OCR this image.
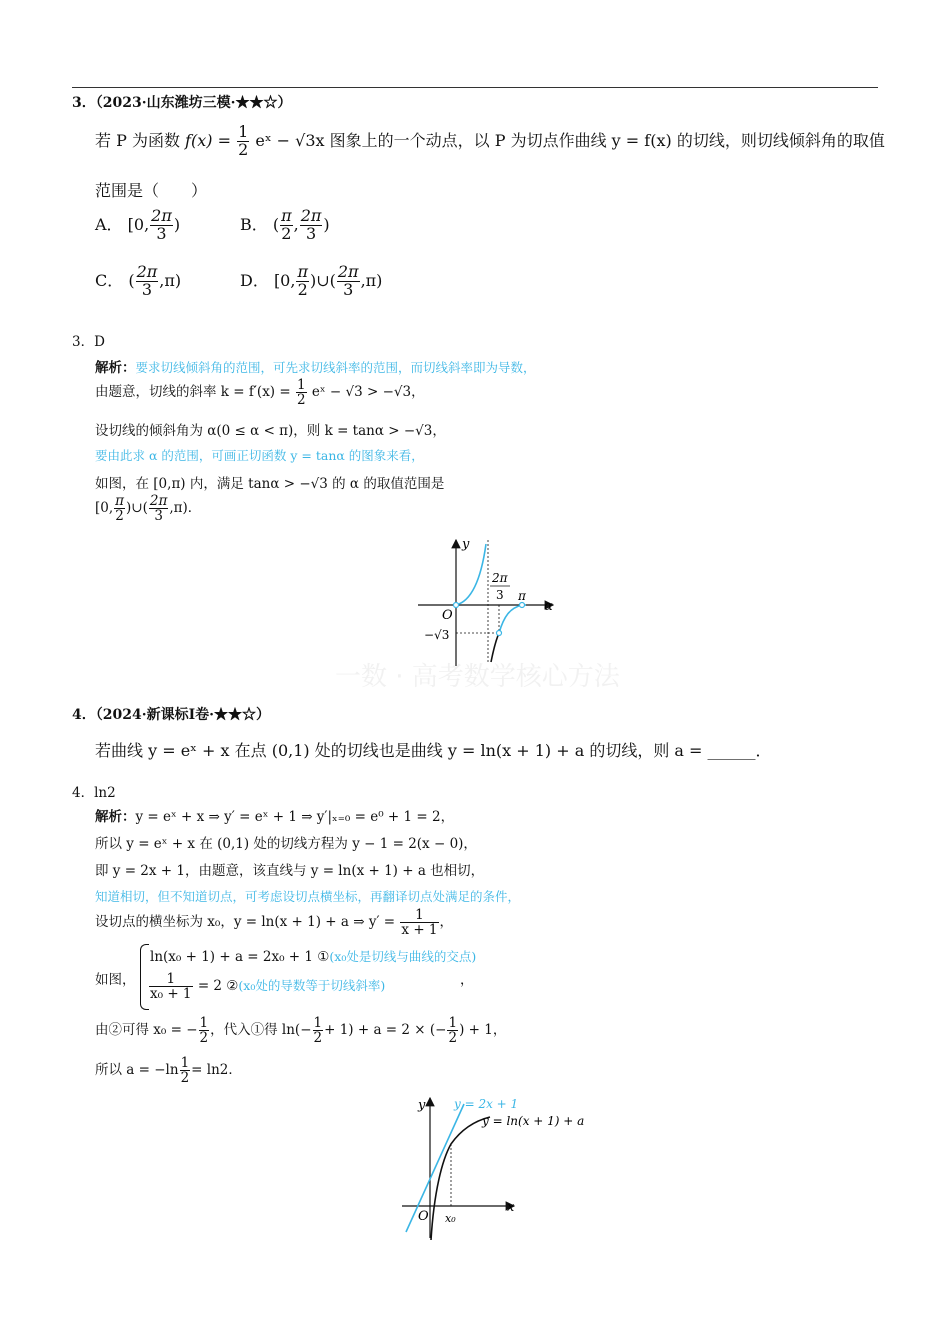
3．（2023·山东潍坊三模·★★☆）
若 P 为函数 $f(x) = \frac{1}{2}$ eˣ − √3x 图象上的一个动点，以 P 为切点作曲线 y = f(x) 的切线，则切线倾斜角的取值
范围是（　　）
A． [0, $\frac{2\pi}{3}$ )	B． ( $\frac{\pi}{2}$ , $\frac{2\pi}{3}$ )
C． ( $\frac{2\pi}{3} ,\pi$)	D． [0, $\frac{\pi}{2}$ )∪( $\frac{2\pi}{3} ,\pi$)
3．D
解析：要求切线倾斜角的范围，可先求切线斜率的范围，而切线斜率即为导数，
由题意，切线的斜率 $k = f'(x) = \frac{1}{2}$ eˣ − √3 > −√3，
设切线的倾斜角为 α(0 ≤ α < π)，则 k = tanα > −√3，
要由此求 α 的范围，可画正切函数 y = tanα 的图象来看，
如图，在 [0,π) 内，满足 tanα > −√3 的 α 的取值范围是
[0, $\frac{\pi}{2}$ )∪( $\frac{2\pi}{3} ,\pi$)．
y
α
O
−√3
2π
3 π
一数 · 高考数学核心方法
4．（2024·新课标Ⅰ卷·★★☆）
若曲线 y = eˣ + x 在点 (0,1) 处的切线也是曲线 y = ln(x + 1) + a 的切线，则 a = ______．
4．ln2
解析：y = eˣ + x ⇒ y′ = eˣ + 1 ⇒ y′|ₓ₌₀ = e⁰ + 1 = 2，
所以 y = eˣ + x 在 (0,1) 处的切线方程为 y − 1 = 2(x − 0)，
即 y = 2x + 1，由题意，该直线与 y = ln(x + 1) + a 也相切，
知道相切，但不知道切点，可考虑设切点横坐标，再翻译切点处满足的条件，
设切点的横坐标为 x₀，y = ln(x + 1) + a ⇒ $y' = \frac{1}{x + 1}$ ，
如图，
ln(x₀ + 1) + a = 2x₀ + 1 ①(x₀处是切线与曲线的交点)
$\frac{1}{\text{x₀ + 1}} = 2$ ②(x₀处的导数等于切线斜率)	，
由②可得 x₀ = − $\frac{1}{2}$ ，代入①得 $\ln(- \frac{1}{2} + 1) + a = 2$ × (− $\frac{1}{2}$ ) + 1，
所以 $a = -\ln \frac{1}{2} = \ln 2$．
y
x
O x₀
y = 2x + 1
y = ln(x + 1) + a
